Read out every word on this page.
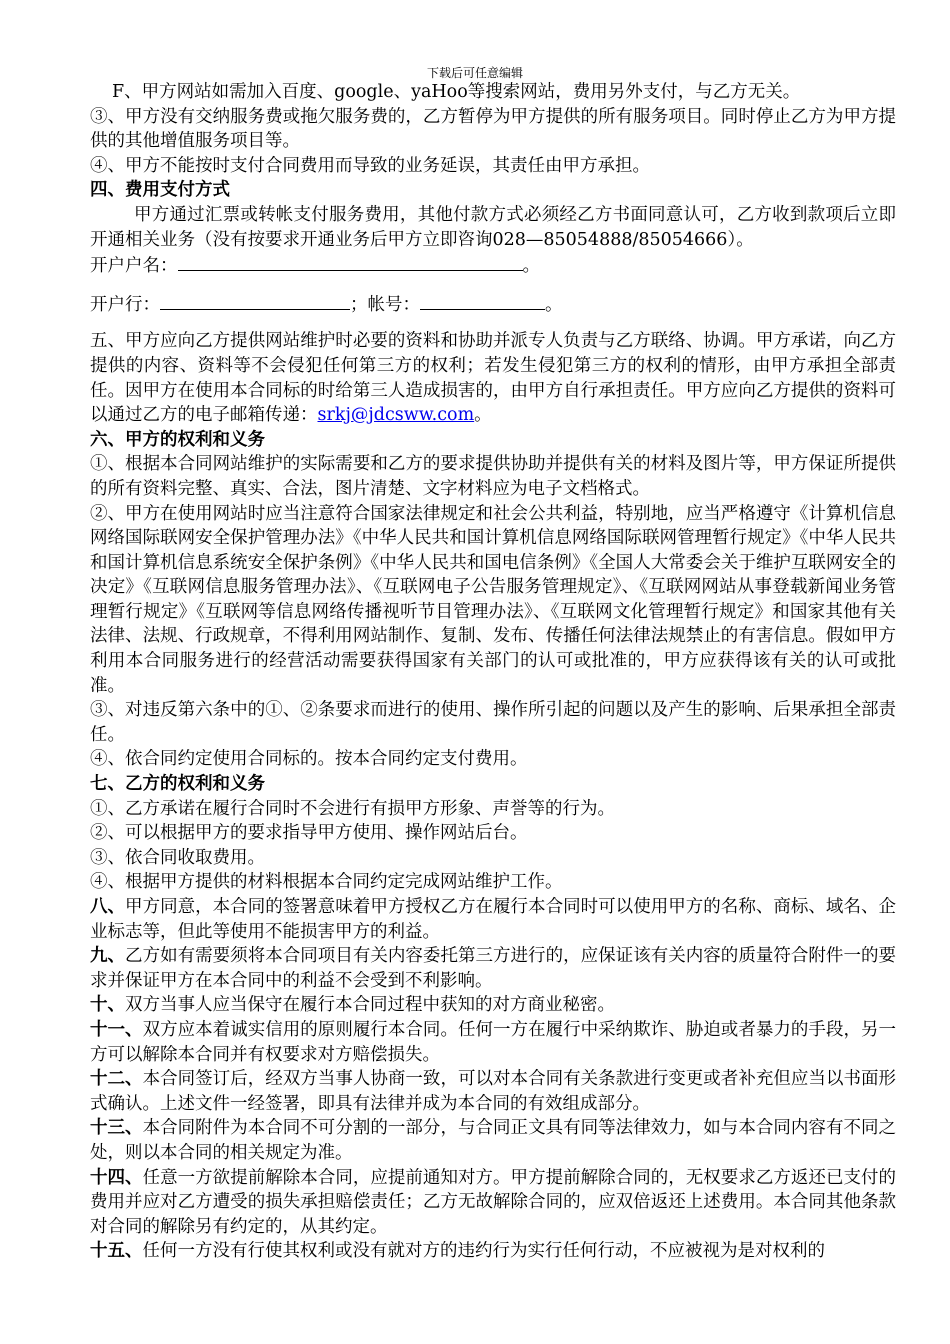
下载后可任意编辑

F、甲方网站如需加入百度、google、yaHoo等搜索网站，费用另外支付，与乙方无关。

③、甲方没有交纳服务费或拖欠服务费的，乙方暂停为甲方提供的所有服务项目。同时停止乙方为甲方提供的其他增值服务项目等。

④、甲方不能按时支付合同费用而导致的业务延误，其责任由甲方承担。

四、费用支付方式

甲方通过汇票或转帐支付服务费用，其他付款方式必须经乙方书面同意认可，乙方收到款项后立即开通相关业务（没有按要求开通业务后甲方立即咨询028—85054888/85054666）。

开户户名：	。

开户行：	；帐号：	。

五、甲方应向乙方提供网站维护时必要的资料和协助并派专人负责与乙方联络、协调。甲方承诺，向乙方提供的内容、资料等不会侵犯任何第三方的权利；若发生侵犯第三方的权利的情形，由甲方承担全部责任。因甲方在使用本合同标的时给第三人造成损害的，由甲方自行承担责任。甲方应向乙方提供的资料可以通过乙方的电子邮箱传递：srkj@jdcsww.com。

六、甲方的权利和义务

①、根据本合同网站维护的实际需要和乙方的要求提供协助并提供有关的材料及图片等，甲方保证所提供的所有资料完整、真实、合法，图片清楚、文字材料应为电子文档格式。

②、甲方在使用网站时应当注意符合国家法律规定和社会公共利益，特别地，应当严格遵守《计算机信息网络国际联网安全保护管理办法》《中华人民共和国计算机信息网络国际联网管理暂行规定》《中华人民共和国计算机信息系统安全保护条例》《中华人民共和国电信条例》《全国人大常委会关于维护互联网安全的决定》《互联网信息服务管理办法》、《互联网电子公告服务管理规定》、《互联网网站从事登载新闻业务管理暂行规定》《互联网等信息网络传播视听节目管理办法》、《互联网文化管理暂行规定》和国家其他有关法律、法规、行政规章，不得利用网站制作、复制、发布、传播任何法律法规禁止的有害信息。假如甲方利用本合同服务进行的经营活动需要获得国家有关部门的认可或批准的，甲方应获得该有关的认可或批准。

③、对违反第六条中的①、②条要求而进行的使用、操作所引起的问题以及产生的影响、后果承担全部责任。

④、依合同约定使用合同标的。按本合同约定支付费用。

七、乙方的权利和义务

①、乙方承诺在履行合同时不会进行有损甲方形象、声誉等的行为。

②、可以根据甲方的要求指导甲方使用、操作网站后台。

③、依合同收取费用。

④、根据甲方提供的材料根据本合同约定完成网站维护工作。

八、甲方同意，本合同的签署意味着甲方授权乙方在履行本合同时可以使用甲方的名称、商标、域名、企业标志等，但此等使用不能损害甲方的利益。

九、乙方如有需要须将本合同项目有关内容委托第三方进行的，应保证该有关内容的质量符合附件一的要求并保证甲方在本合同中的利益不会受到不利影响。

十、双方当事人应当保守在履行本合同过程中获知的对方商业秘密。

十一、双方应本着诚实信用的原则履行本合同。任何一方在履行中采纳欺诈、胁迫或者暴力的手段，另一方可以解除本合同并有权要求对方赔偿损失。

十二、本合同签订后，经双方当事人协商一致，可以对本合同有关条款进行变更或者补充但应当以书面形式确认。上述文件一经签署，即具有法律并成为本合同的有效组成部分。

十三、本合同附件为本合同不可分割的一部分，与合同正文具有同等法律效力，如与本合同内容有不同之处，则以本合同的相关规定为准。

十四、任意一方欲提前解除本合同，应提前通知对方。甲方提前解除合同的，无权要求乙方返还已支付的费用并应对乙方遭受的损失承担赔偿责任；乙方无故解除合同的，应双倍返还上述费用。本合同其他条款对合同的解除另有约定的，从其约定。

十五、任何一方没有行使其权利或没有就对方的违约行为实行任何行动，不应被视为是对权利的
